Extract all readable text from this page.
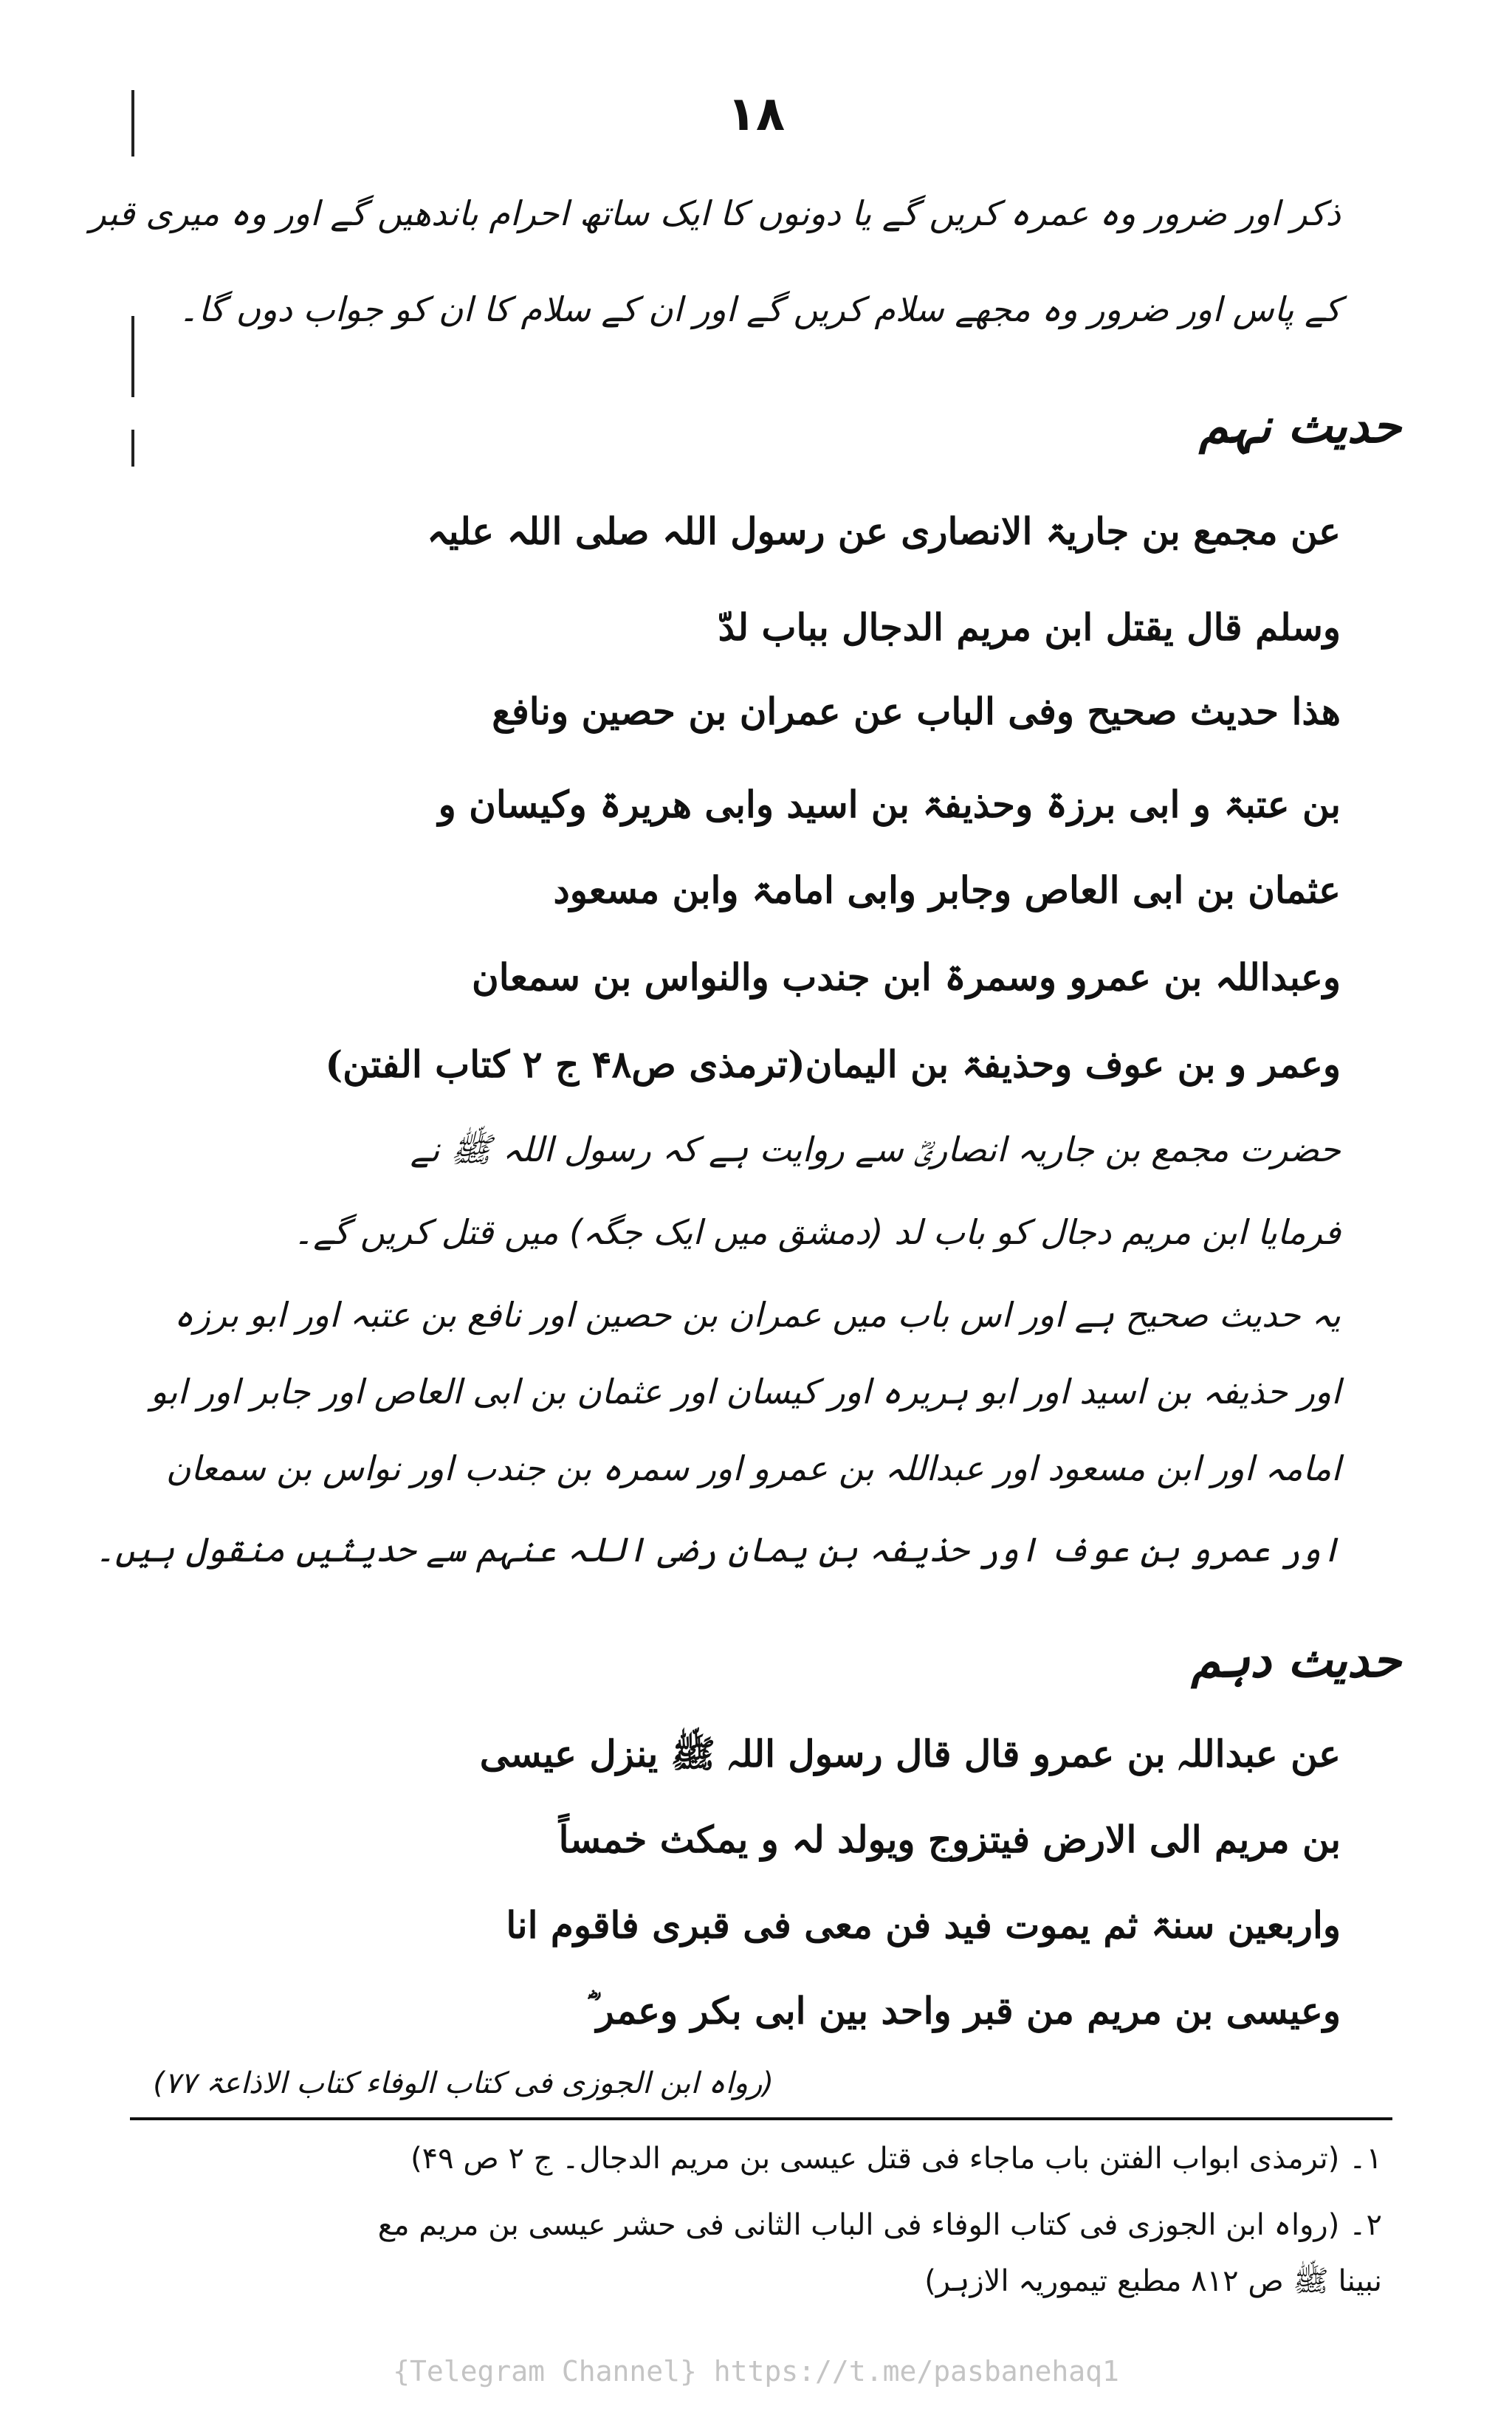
١٨
ذکر اور ضرور وہ عمرہ کریں گے یا دونوں کا ایک ساتھ احرام باندھیں گے اور وہ میری قبر
کے پاس اور ضرور وہ مجھے سلام کریں گے اور ان کے سلام کا ان کو جواب دوں گا۔
حدیث نہم
عن مجمع بن جاریۃ الانصاری عن رسول اللہ صلی اللہ علیہ
وسلم قال یقتل ابن مریم الدجال بباب لدّ
ھذا حدیث صحیح وفی الباب عن عمران بن حصین ونافع
بن عتبۃ و ابی برزۃ وحذیفۃ بن اسید وابی ھریرۃ وکیسان و
عثمان بن ابی العاص وجابر وابی امامۃ وابن مسعود
وعبداللہ بن عمرو وسمرۃ ابن جندب والنواس بن سمعان
وعمر و بن عوف وحذیفۃ بن الیمان(ترمذی ص۴۸ ج ۲ کتاب الفتن)
حضرت مجمع بن جاریہ انصاریؓ سے روایت ہے کہ رسول اللہ ﷺ نے
فرمایا ابن مریم دجال کو باب لد (دمشق میں ایک جگہ) میں قتل کریں گے۔
یہ حدیث صحیح ہے اور اس باب میں عمران بن حصین اور نافع بن عتبہ اور ابو برزہ
اور حذیفہ بن اسید اور ابو ہریرہ اور کیسان اور عثمان بن ابی العاص اور جابر اور ابو
امامہ اور ابن مسعود اور عبداللہ بن عمرو اور سمرہ بن جندب اور نواس بن سمعان
اور عمرو بن عوف اور حذیفہ بن یمان رضی اللہ عنہم سے حدیثیں منقول ہیں۔
حدیث دہم
عن عبداللہ بن عمرو قال قال رسول اللہ ﷺ ینزل عیسی
بن مریم الی الارض فیتزوج ویولد لہ و یمکث خمساً
واربعین سنۃ ثم یموت فید فن معی فی قبری فاقوم انا
وعیسی بن مریم من قبر واحد بین ابی بکر وعمر ؓ
(رواہ ابن الجوزی فی کتاب الوفاء کتاب الاذاعۃ ۷۷)
۱۔ (ترمذی ابواب الفتن باب ماجاء فی قتل عیسی بن مریم الدجال۔ ج ۲ ص ۴۹)
۲۔ (رواہ ابن الجوزی فی کتاب الوفاء فی الباب الثانی فی حشر عیسی بن مریم مع
نبینا ﷺ ص ۸۱۲ مطبع تیموریہ الازہر)
{Telegram Channel} https://t.me/pasbanehaq1
